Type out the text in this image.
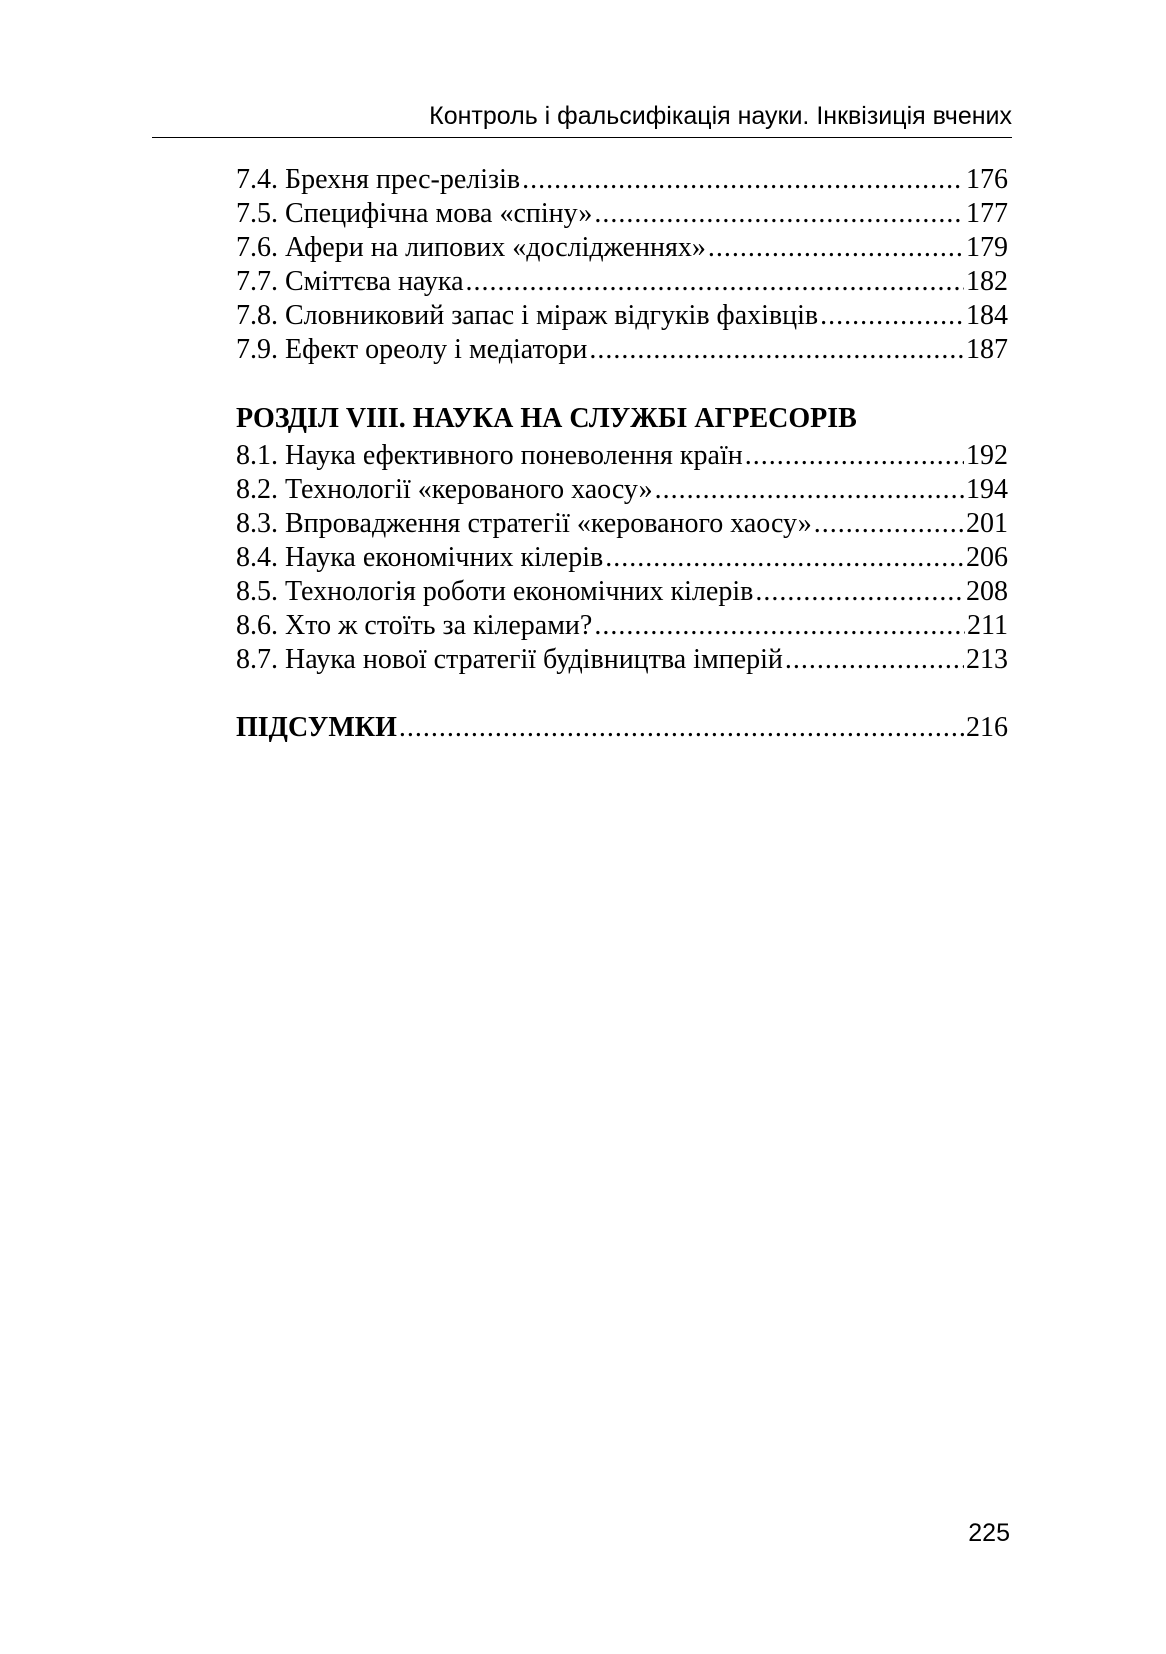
Контроль і фальсифікація науки. Інквізиція вчених
7.4. Брехня прес-релізів .....	176
7.5. Специфічна мова «спіну» .....	177
7.6. Афери на липових «дослідженнях» .....	179
7.7. Сміттєва наука .....	182
7.8. Словниковий запас і міраж відгуків фахівців .....	184
7.9. Ефект ореолу і медіатори .....	187
РОЗДІЛ VIII. НАУКА НА СЛУЖБІ АГРЕСОРІВ
8.1. Наука ефективного поневолення країн .....	192
8.2. Технології «керованого хаосу» .....	194
8.3. Впровадження стратегії «керованого хаосу» .....	201
8.4. Наука економічних кілерів .....	206
8.5. Технологія роботи економічних кілерів .....	208
8.6. Хто ж стоїть за кілерами? .....	211
8.7. Наука нової стратегії будівництва імперій .....	213
ПІДСУМКИ .....	216
225
